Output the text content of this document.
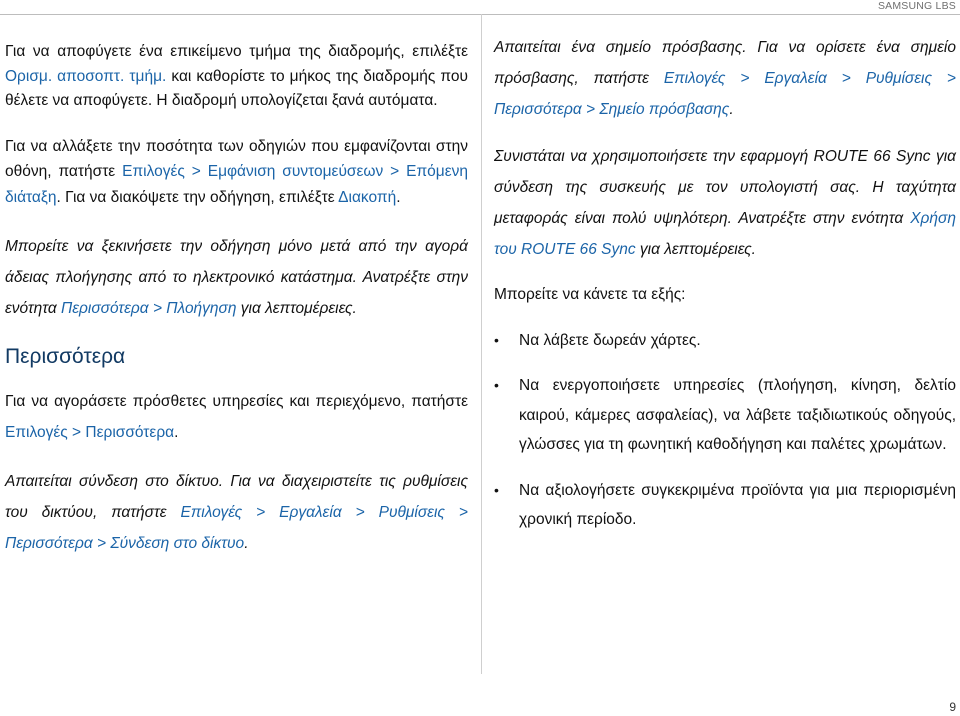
SAMSUNG LBS

Για να αποφύγετε ένα επικείμενο τμήμα της διαδρομής, επιλέξτε Ορισμ. αποσοπτ. τμήμ. και καθορίστε το μήκος της διαδρομής που θέλετε να αποφύγετε. Η διαδρομή υπολογίζεται ξανά αυτόματα.

Για να αλλάξετε την ποσότητα των οδηγιών που εμφανίζονται στην οθόνη, πατήστε Επιλογές > Εμφάνιση συντομεύσεων > Επόμενη διάταξη. Για να διακόψετε την οδήγηση, επιλέξτε Διακοπή.

Μπορείτε να ξεκινήσετε την οδήγηση μόνο μετά από την αγορά άδειας πλοήγησης από το ηλεκτρονικό κατάστημα. Ανατρέξτε στην ενότητα Περισσότερα > Πλοήγηση για λεπτομέρειες.

Περισσότερα

Για να αγοράσετε πρόσθετες υπηρεσίες και περιεχόμενο, πατήστε Επιλογές > Περισσότερα.

Απαιτείται σύνδεση στο δίκτυο. Για να διαχειριστείτε τις ρυθμίσεις του δικτύου, πατήστε Επιλογές > Εργαλεία > Ρυθμίσεις > Περισσότερα > Σύνδεση στο δίκτυο.

Απαιτείται ένα σημείο πρόσβασης. Για να ορίσετε ένα σημείο πρόσβασης, πατήστε Επιλογές > Εργαλεία > Ρυθμίσεις > Περισσότερα > Σημείο πρόσβασης.

Συνιστάται να χρησιμοποιήσετε την εφαρμογή ROUTE 66 Sync για σύνδεση της συσκευής με τον υπολογιστή σας. Η ταχύτητα μεταφοράς είναι πολύ υψηλότερη. Ανατρέξτε στην ενότητα Χρήση του ROUTE 66 Sync για λεπτομέρειες.

Μπορείτε να κάνετε τα εξής:

• Να λάβετε δωρεάν χάρτες.
• Να ενεργοποιήσετε υπηρεσίες (πλοήγηση, κίνηση, δελτίο καιρού, κάμερες ασφαλείας), να λάβετε ταξιδιωτικούς οδηγούς, γλώσσες για τη φωνητική καθοδήγηση και παλέτες χρωμάτων.
• Να αξιολογήσετε συγκεκριμένα προϊόντα για μια περιορισμένη χρονική περίοδο.
9
